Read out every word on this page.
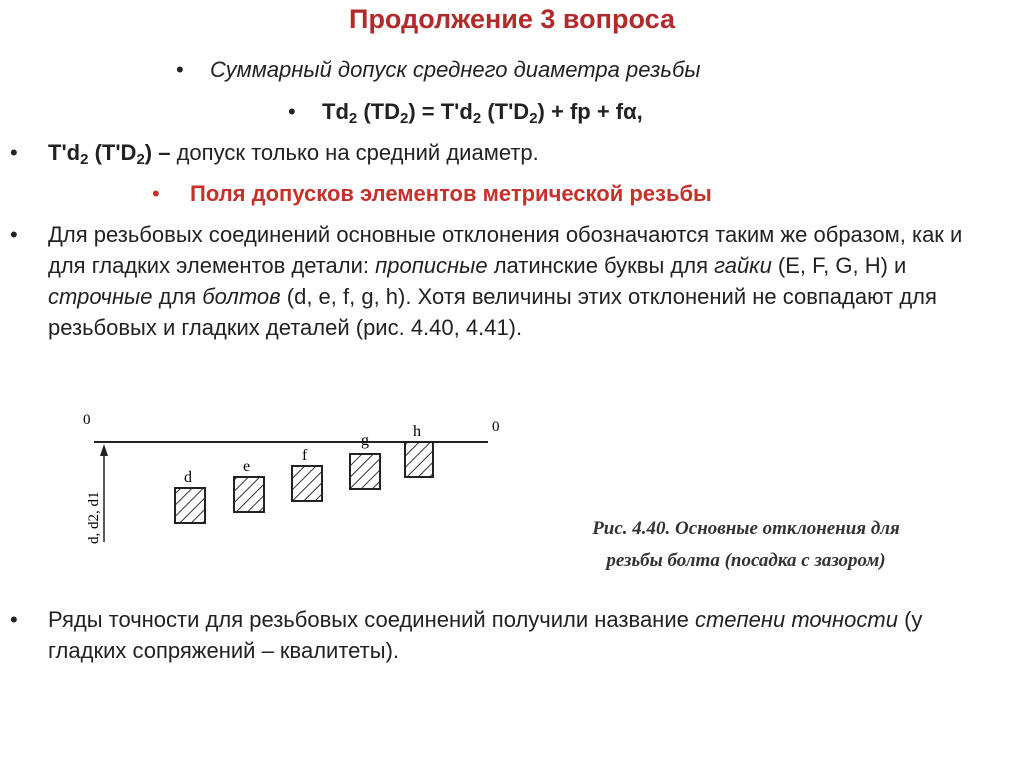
Продолжение 3 вопроса
• Суммарный допуск среднего диаметра резьбы
• $Td_2$ $(TD_2) = T'd_2$ $(T'D_2)$ + fp + fα,
• $T'd_2$ $(T'D_2)$ – допуск только на средний диаметр.
• Поля допусков элементов метрической резьбы
• Для резьбовых соединений основные отклонения обозначаются таким же образом, как и для гладких элементов детали: прописные латинские буквы для гайки (E, F, G, H) и строчные для болтов (d, e, f, g, h). Хотя величины этих отклонений не совпадают для резьбовых и гладких деталей (рис. 4.40, 4.41).
0	0
d, d2, d1
d
e
f
g
h
Рис. 4.40. Основные отклонения для
резьбы болта (посадка с зазором)
• Ряды точности для резьбовых соединений получили название степени точности (у гладких сопряжений – квалитеты).
